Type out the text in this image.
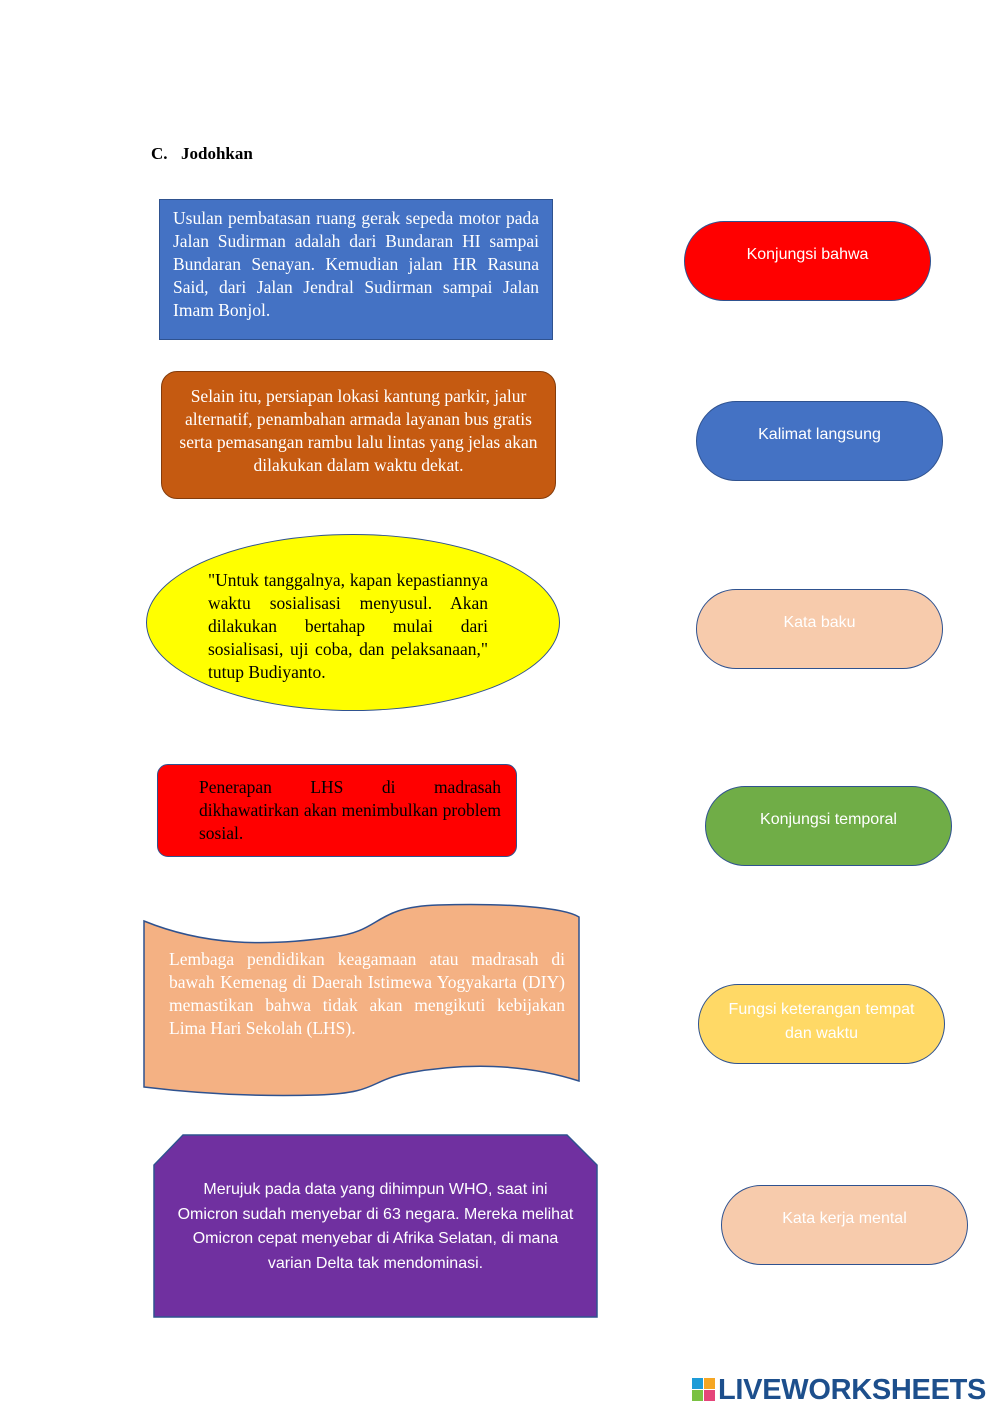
C. Jodohkan
Usulan pembatasan ruang gerak sepeda motor pada Jalan Sudirman adalah dari Bundaran HI sampai Bundaran Senayan. Kemudian jalan HR Rasuna Said, dari Jalan Jendral Sudirman sampai Jalan Imam Bonjol.
Selain itu, persiapan lokasi kantung parkir, jalur alternatif, penambahan armada layanan bus gratis serta pemasangan rambu lalu lintas yang jelas akan dilakukan dalam waktu dekat.
"Untuk tanggalnya, kapan kepastiannya waktu sosialisasi menyusul. Akan dilakukan bertahap mulai dari sosialisasi, uji coba, dan pelaksanaan," tutup Budiyanto.
Penerapan LHS di madrasah dikhawatirkan akan menimbulkan problem sosial.
Lembaga pendidikan keagamaan atau madrasah di bawah Kemenag di Daerah Istimewa Yogyakarta (DIY) memastikan bahwa tidak akan mengikuti kebijakan Lima Hari Sekolah (LHS).
Merujuk pada data yang dihimpun WHO, saat ini Omicron sudah menyebar di 63 negara. Mereka melihat Omicron cepat menyebar di Afrika Selatan, di mana varian Delta tak mendominasi.
Konjungsi bahwa
Kalimat langsung
Kata baku
Konjungsi temporal
Fungsi keterangan tempat dan waktu
Kata kerja mental
LIVEWORKSHEETS
